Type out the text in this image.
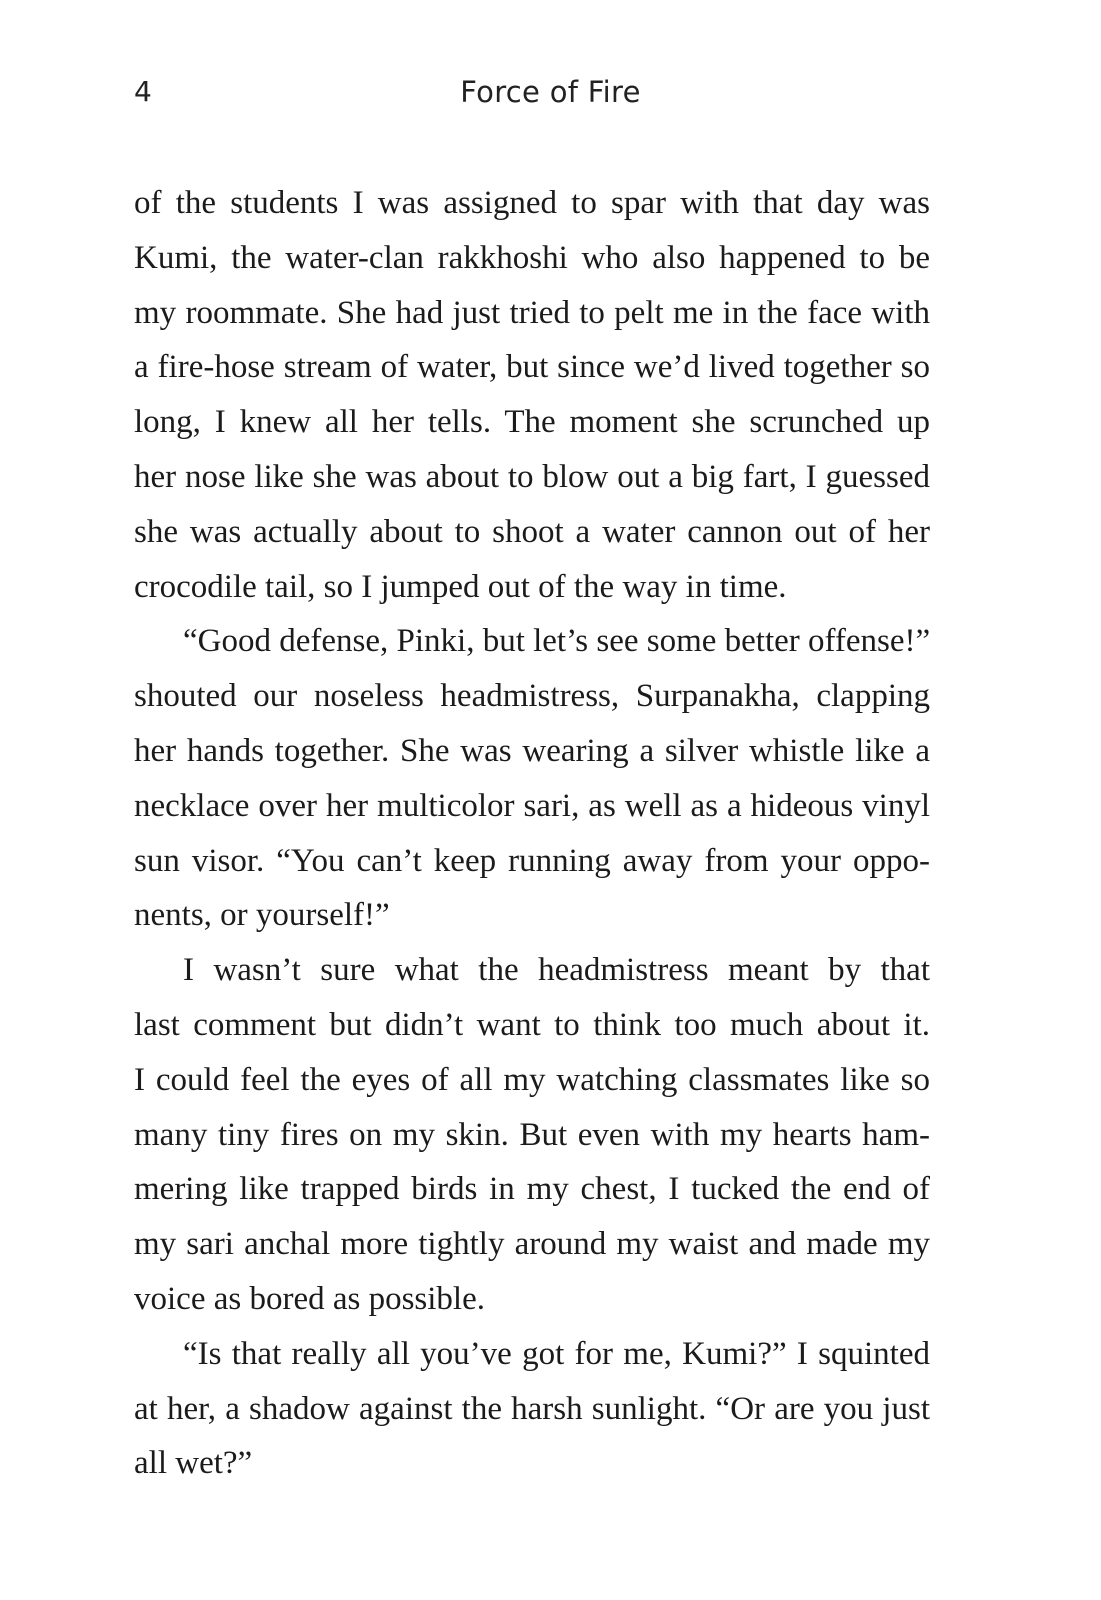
4	Force of Fire
of the students I was assigned to spar with that day was
Kumi, the water-clan rakkhoshi who also happened to be
my roommate. She had just tried to pelt me in the face with
a fire-hose stream of water, but since we’d lived together so
long, I knew all her tells. The moment she scrunched up
her nose like she was about to blow out a big fart, I guessed
she was actually about to shoot a water cannon out of her
crocodile tail, so I jumped out of the way in time.
“Good defense, Pinki, but let’s see some better offense!”
shouted our noseless headmistress, Surpanakha, clapping
her hands together. She was wearing a silver whistle like a
necklace over her multicolor sari, as well as a hideous vinyl
sun visor. “You can’t keep running away from your oppo-
nents, or yourself!”
I wasn’t sure what the headmistress meant by that
last comment but didn’t want to think too much about it.
I could feel the eyes of all my watching classmates like so
many tiny fires on my skin. But even with my hearts ham-
mering like trapped birds in my chest, I tucked the end of
my sari anchal more tightly around my waist and made my
voice as bored as possible.
“Is that really all you’ve got for me, Kumi?” I squinted
at her, a shadow against the harsh sunlight. “Or are you just
all wet?”
